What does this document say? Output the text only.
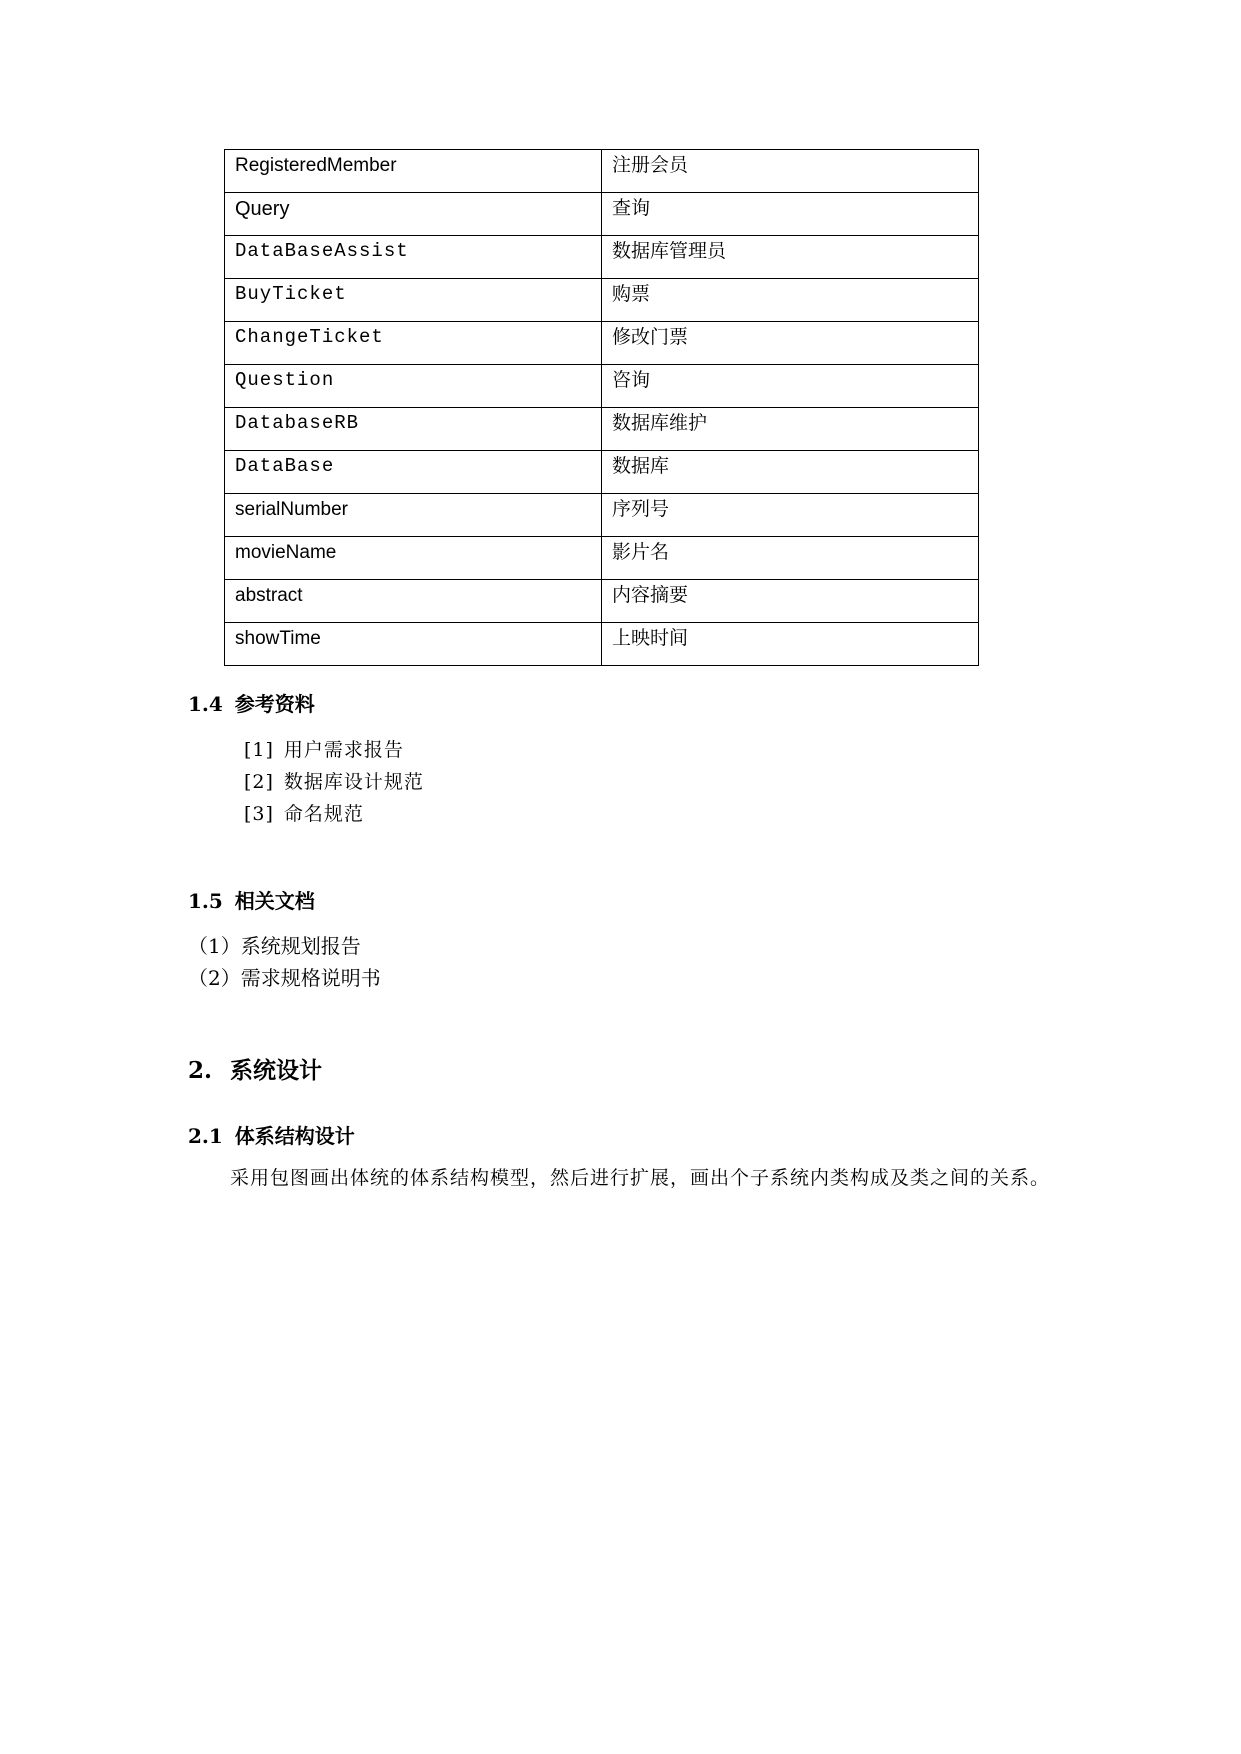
RegisteredMember	注册会员

Query	查询

DataBaseAssist	数据库管理员

BuyTicket	购票

ChangeTicket	修改门票

Question	咨询

DatabaseRB	数据库维护

DataBase	数据库

serialNumber	序列号

movieName	影片名

abstract	内容摘要

showTime	上映时间
1.4 参考资料
[1] 用户需求报告
[2] 数据库设计规范
[3] 命名规范
1.5 相关文档
（1）系统规划报告
（2）需求规格说明书
2. 系统设计
2.1 体系结构设计

采用包图画出体统的体系结构模型，然后进行扩展，画出个子系统内类构成及类之间的关系。
